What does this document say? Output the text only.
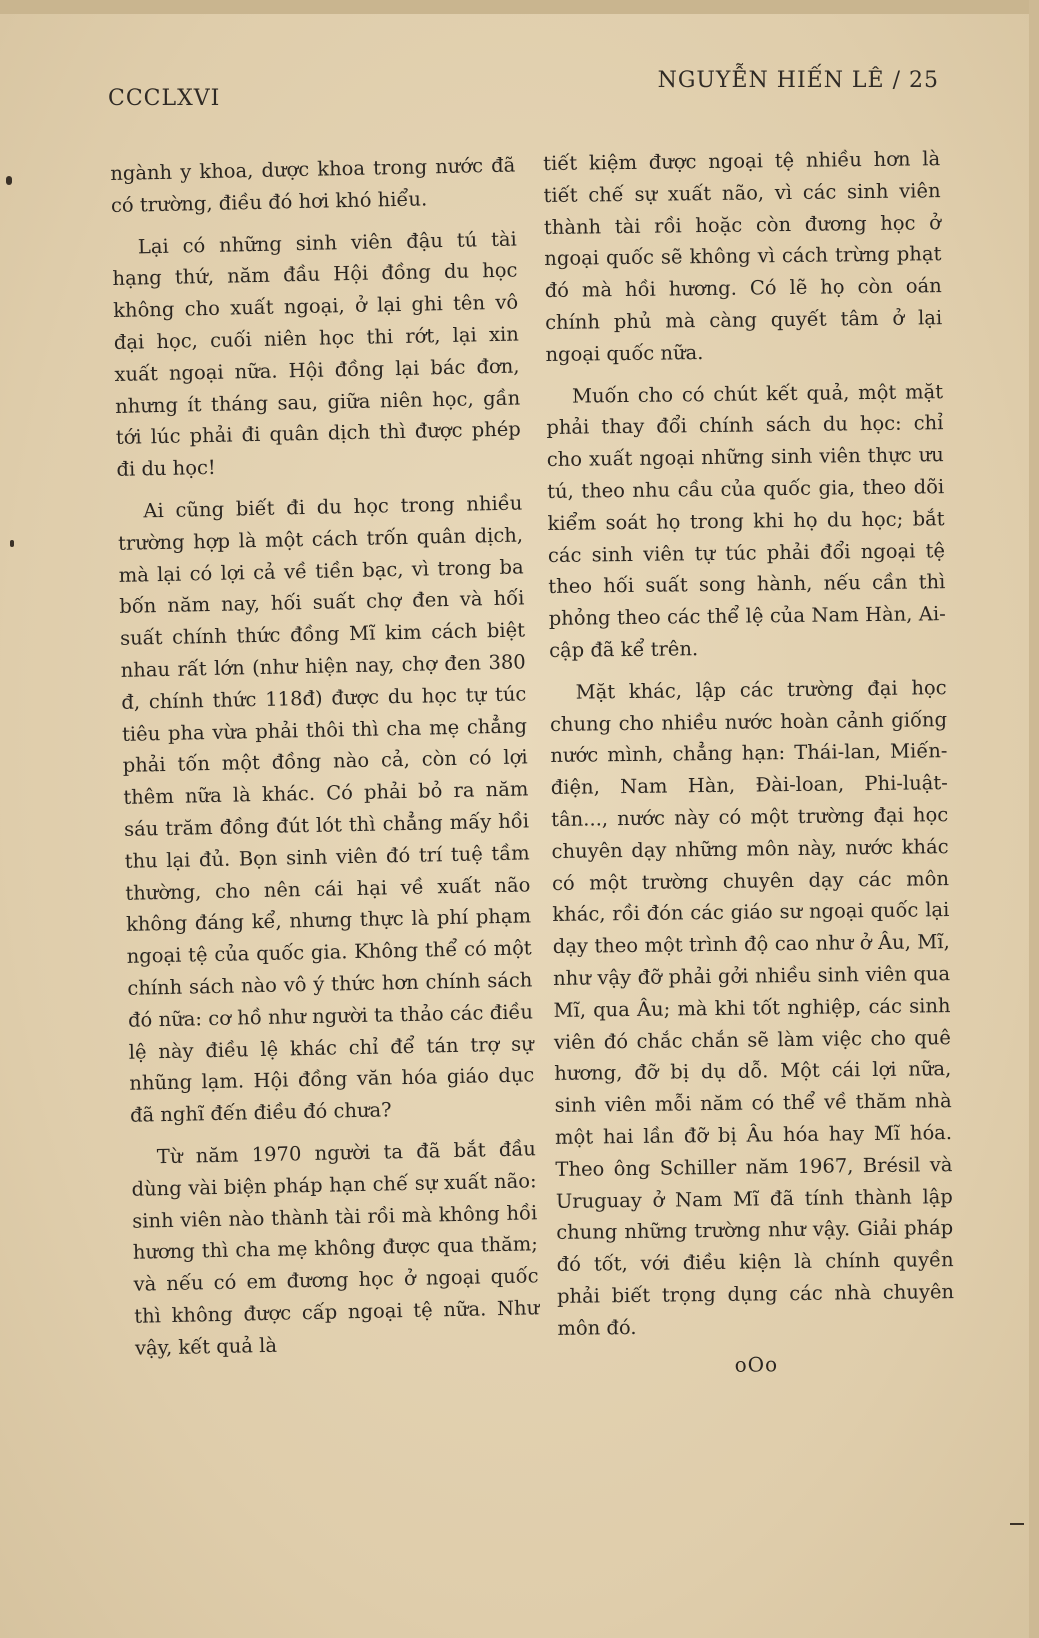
CCCLXVI
NGUYỄN HIẾN LÊ / 25

ngành y khoa, dược khoa trong nước đã có trường, điều đó hơi khó hiểu.

Lại có những sinh viên đậu tú tài hạng thứ, năm đầu Hội đồng du học không cho xuất ngoại, ở lại ghi tên vô đại học, cuối niên học thi rớt, lại xin xuất ngoại nữa. Hội đồng lại bác đơn, nhưng ít tháng sau, giữa niên học, gần tới lúc phải đi quân dịch thì được phép đi du học!

Ai cũng biết đi du học trong nhiều trường hợp là một cách trốn quân dịch, mà lại có lợi cả về tiền bạc, vì trong ba bốn năm nay, hối suất chợ đen và hối suất chính thức đồng Mĩ kim cách biệt nhau rất lớn (như hiện nay, chợ đen 380 đ, chính thức 118đ) được du học tự túc tiêu pha vừa phải thôi thì cha mẹ chẳng phải tốn một đồng nào cả, còn có lợi thêm nữa là khác. Có phải bỏ ra năm sáu trăm đồng đút lót thì chẳng mấy hồi thu lại đủ. Bọn sinh viên đó trí tuệ tầm thường, cho nên cái hại về xuất não không đáng kể, nhưng thực là phí phạm ngoại tệ của quốc gia. Không thể có một chính sách nào vô ý thức hơn chính sách đó nữa: cơ hồ như người ta thảo các điều lệ này điều lệ khác chỉ để tán trợ sự nhũng lạm. Hội đồng văn hóa giáo dục đã nghĩ đến điều đó chưa?

Từ năm 1970 người ta đã bắt đầu dùng vài biện pháp hạn chế sự xuất não: sinh viên nào thành tài rồi mà không hồi hương thì cha mẹ không được qua thăm; và nếu có em đương học ở ngoại quốc thì không được cấp ngoại tệ nữa. Như vậy, kết quả là

tiết kiệm được ngoại tệ nhiều hơn là tiết chế sự xuất não, vì các sinh viên thành tài rồi hoặc còn đương học ở ngoại quốc sẽ không vì cách trừng phạt đó mà hồi hương. Có lẽ họ còn oán chính phủ mà càng quyết tâm ở lại ngoại quốc nữa.

Muốn cho có chút kết quả, một mặt phải thay đổi chính sách du học: chỉ cho xuất ngoại những sinh viên thực ưu tú, theo nhu cầu của quốc gia, theo dõi kiểm soát họ trong khi họ du học; bắt các sinh viên tự túc phải đổi ngoại tệ theo hối suất song hành, nếu cần thì phỏng theo các thể lệ của Nam Hàn, Ai-cập đã kể trên.

Mặt khác, lập các trường đại học chung cho nhiều nước hoàn cảnh giống nước mình, chẳng hạn: Thái-lan, Miến-điện, Nam Hàn, Đài-loan, Phi-luật-tân..., nước này có một trường đại học chuyên dạy những môn này, nước khác có một trường chuyên dạy các môn khác, rồi đón các giáo sư ngoại quốc lại dạy theo một trình độ cao như ở Âu, Mĩ, như vậy đỡ phải gởi nhiều sinh viên qua Mĩ, qua Âu; mà khi tốt nghiệp, các sinh viên đó chắc chắn sẽ làm việc cho quê hương, đỡ bị dụ dỗ. Một cái lợi nữa, sinh viên mỗi năm có thể về thăm nhà một hai lần đỡ bị Âu hóa hay Mĩ hóa. Theo ông Schiller năm 1967, Brésil và Uruguay ở Nam Mĩ đã tính thành lập chung những trường như vậy. Giải pháp đó tốt, với điều kiện là chính quyền phải biết trọng dụng các nhà chuyên môn đó.

oOo
